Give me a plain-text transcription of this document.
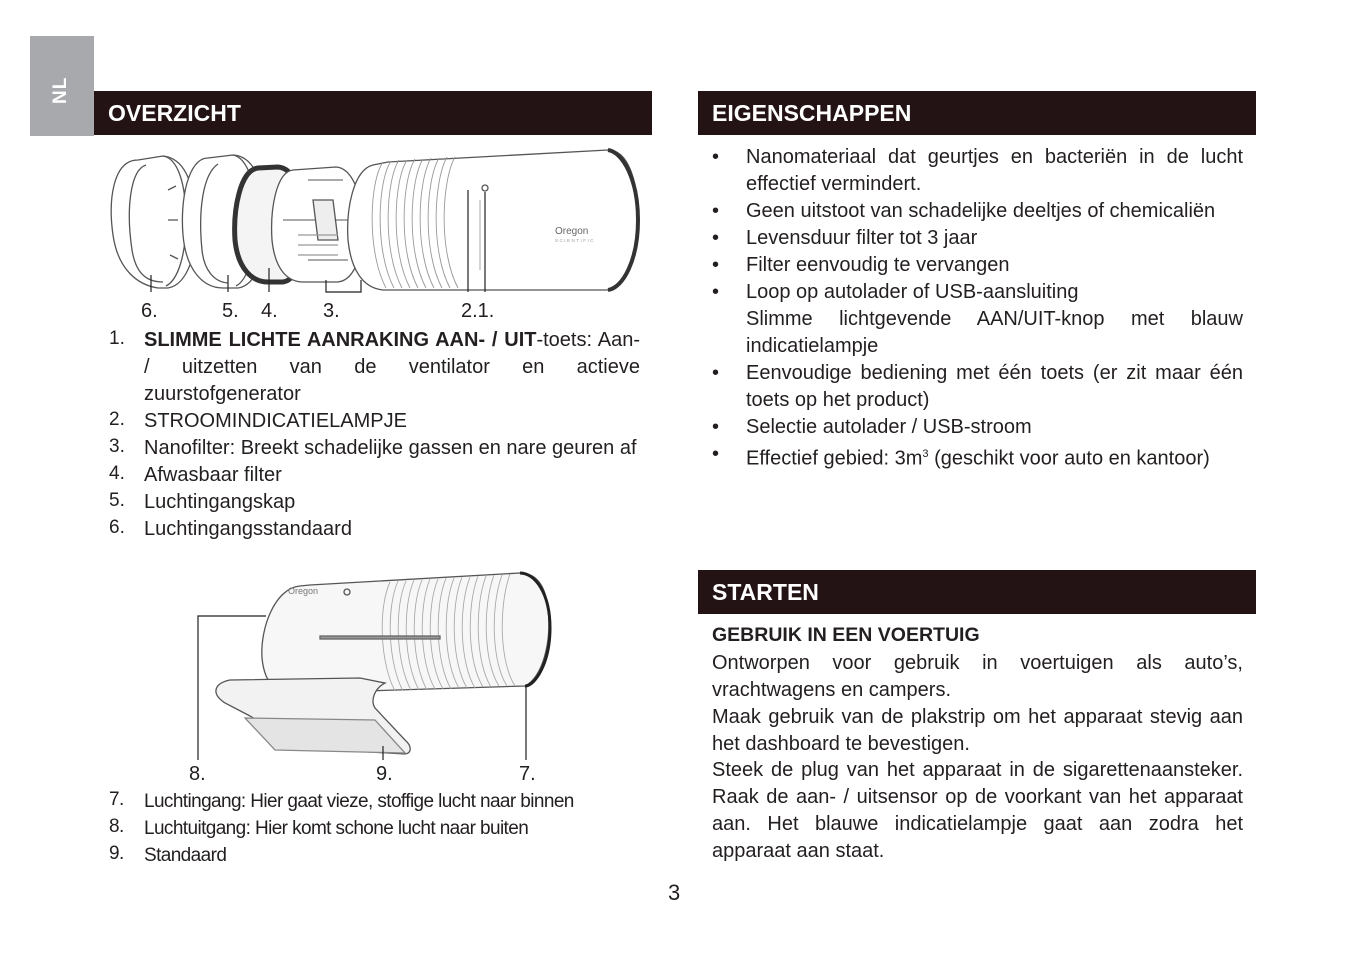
NL
OVERZICHT
Oregon
SCIENTIFIC
6.	5. 4. 3.	2.1.
1. SLIMME LICHTE AANRAKING AAN- / UIT-toets: Aan- / uitzetten van de ventilator en actieve zuurstofgenerator
2. STROOMINDICATIELAMPJE
3. Nanofilter: Breekt schadelijke gassen en nare geuren af
4. Afwasbaar filter
5. Luchtingangskap
6. Luchtingangsstandaard
Oregon
8.	9.	7.
7. Luchtingang: Hier gaat vieze, stoffige lucht naar binnen
8. Luchtuitgang: Hier komt schone lucht naar buiten
9. Standaard
EIGENSCHAPPEN
• Nanomateriaal dat geurtjes en bacteriën in de lucht effectief vermindert.
• Geen uitstoot van schadelijke deeltjes of chemicaliën
• Levensduur filter tot 3 jaar
• Filter eenvoudig te vervangen
• Loop op autolader of USB-aansluiting
Slimme lichtgevende AAN/UIT-knop met blauw indicatielampje
• Eenvoudige bediening met één toets (er zit maar één toets op het product)
• Selectie autolader / USB-stroom
• Effectief gebied: $3m^3$ (geschikt voor auto en kantoor)
STARTEN
GEBRUIK IN EEN VOERTUIG

Ontworpen voor gebruik in voertuigen als auto’s, vrachtwagens en campers.

Maak gebruik van de plakstrip om het apparaat stevig aan het dashboard te bevestigen.

Steek de plug van het apparaat in de sigarettenaansteker. Raak de aan- / uitsensor op de voorkant van het apparaat aan. Het blauwe indicatielampje gaat aan zodra het apparaat aan staat.

3
